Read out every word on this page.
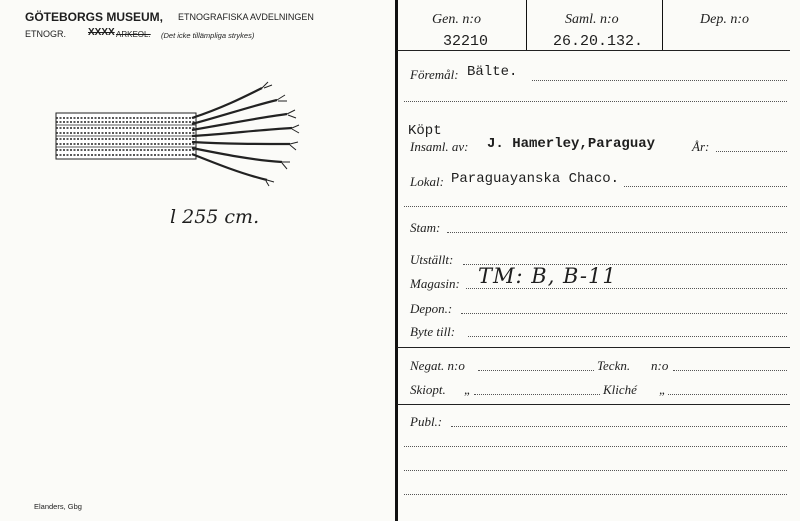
GÖTEBORGS MUSEUM, ETNOGRAFISKA AVDELNINGEN
ETNOGR. XXXX ARKEOL. (Det icke tillämpliga strykes)
l 255 cm.
Elanders, Gbg
Gen. n:o
32210
Saml. n:o
26.20.132.
Dep. n:o
Föremål: Bälte.
Köpt
Insaml. av: J. Hamerley,Paraguay	År:
Lokal: Paraguayanska Chaco.
Stam:
Utställt:
Magasin: TM: B, B-11
Depon.:
Byte till:
Negat. n:o	Teckn. n:o
Skiopt. „	Kliché „
Publ.:
